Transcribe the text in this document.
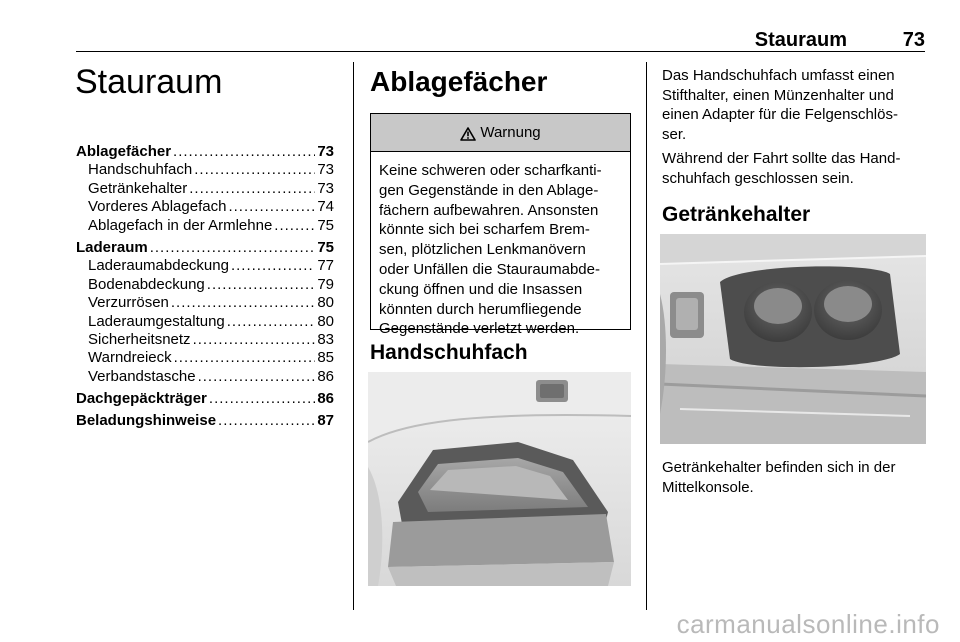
Stauraum	73
Stauraum
Ablagefächer .....	73
Handschuhfach .....	73
Getränkehalter .....	73
Vorderes Ablagefach .....	74
Ablagefach in der Armlehne .....	75
Laderaum .....	75
Laderaumabdeckung .....	77
Bodenabdeckung .....	79
Verzurrösen .....	80
Laderaumgestaltung .....	80
Sicherheitsnetz .....	83
Warndreieck .....	85
Verbandstasche .....	86
Dachgepäckträger .....	86
Beladungshinweise .....	87
Ablagefächer
Warnung
Keine schweren oder scharfkanti-
gen Gegenstände in den Ablage-
fächern aufbewahren. Ansonsten
könnte sich bei scharfem Brem-
sen, plötzlichen Lenkmanövern
oder Unfällen die Stauraumabde-
ckung öffnen und die Insassen
könnten durch herumfliegende
Gegenstände verletzt werden.
Handschuhfach
Das Handschuhfach umfasst einen
Stifthalter, einen Münzenhalter und
einen Adapter für die Felgenschlös-
ser.
Während der Fahrt sollte das Hand-
schuhfach geschlossen sein.
Getränkehalter
Getränkehalter befinden sich in der
Mittelkonsole.
carmanualsonline.info
